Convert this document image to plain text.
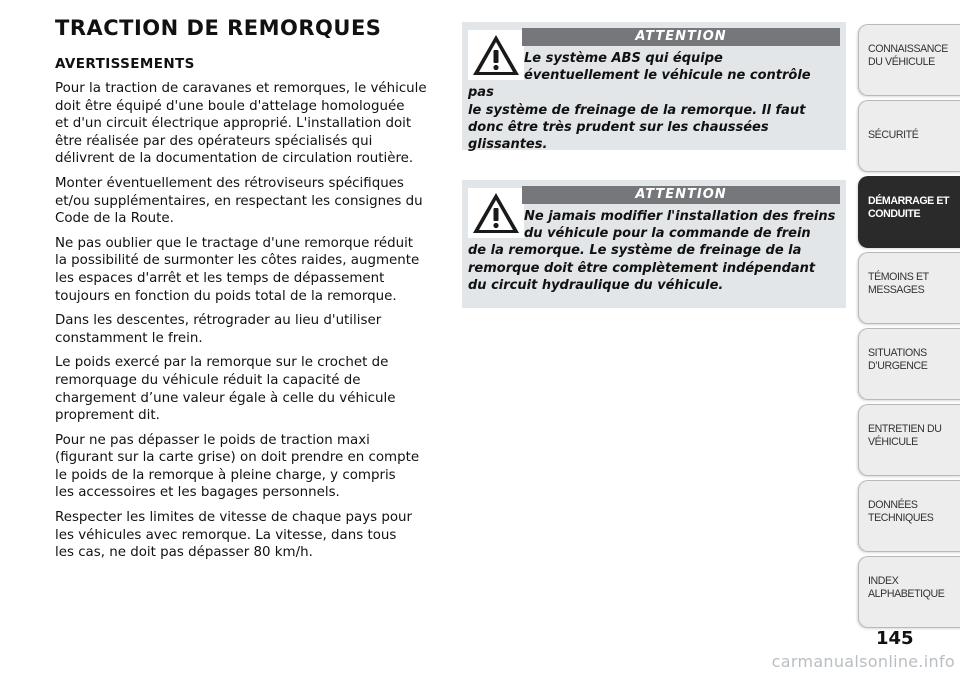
TRACTION DE REMORQUES
AVERTISSEMENTS

Pour la traction de caravanes et remorques, le véhicule
doit être équipé d'une boule d'attelage homologuée
et d'un circuit électrique approprié. L'installation doit
être réalisée par des opérateurs spécialisés qui
délivrent de la documentation de circulation routière.

Monter éventuellement des rétroviseurs spécifiques
et/ou supplémentaires, en respectant les consignes du
Code de la Route.

Ne pas oublier que le tractage d'une remorque réduit
la possibilité de surmonter les côtes raides, augmente
les espaces d'arrêt et les temps de dépassement
toujours en fonction du poids total de la remorque.

Dans les descentes, rétrograder au lieu d'utiliser
constamment le frein.

Le poids exercé par la remorque sur le crochet de
remorquage du véhicule réduit la capacité de
chargement d’une valeur égale à celle du véhicule
proprement dit.

Pour ne pas dépasser le poids de traction maxi
(figurant sur la carte grise) on doit prendre en compte
le poids de la remorque à pleine charge, y compris
les accessoires et les bagages personnels.

Respecter les limites de vitesse de chaque pays pour
les véhicules avec remorque. La vitesse, dans tous
les cas, ne doit pas dépasser 80 km/h.

ATTENTION
Le système ABS qui équipe
éventuellement le véhicule ne contrôle pas
le système de freinage de la remorque. Il faut
donc être très prudent sur les chaussées
glissantes.
ATTENTION
Ne jamais modifier l'installation des freins
du véhicule pour la commande de frein
de la remorque. Le système de freinage de la
remorque doit être complètement indépendant
du circuit hydraulique du véhicule.
CONNAISSANCE
DU VÉHICULE
SÉCURITÉ
DÉMARRAGE ET
CONDUITE
TÉMOINS ET
MESSAGES
SITUATIONS
D’URGENCE
ENTRETIEN DU
VÉHICULE
DONNÉES
TECHNIQUES
INDEX
ALPHABETIQUE
145
carmanualsonline.info
